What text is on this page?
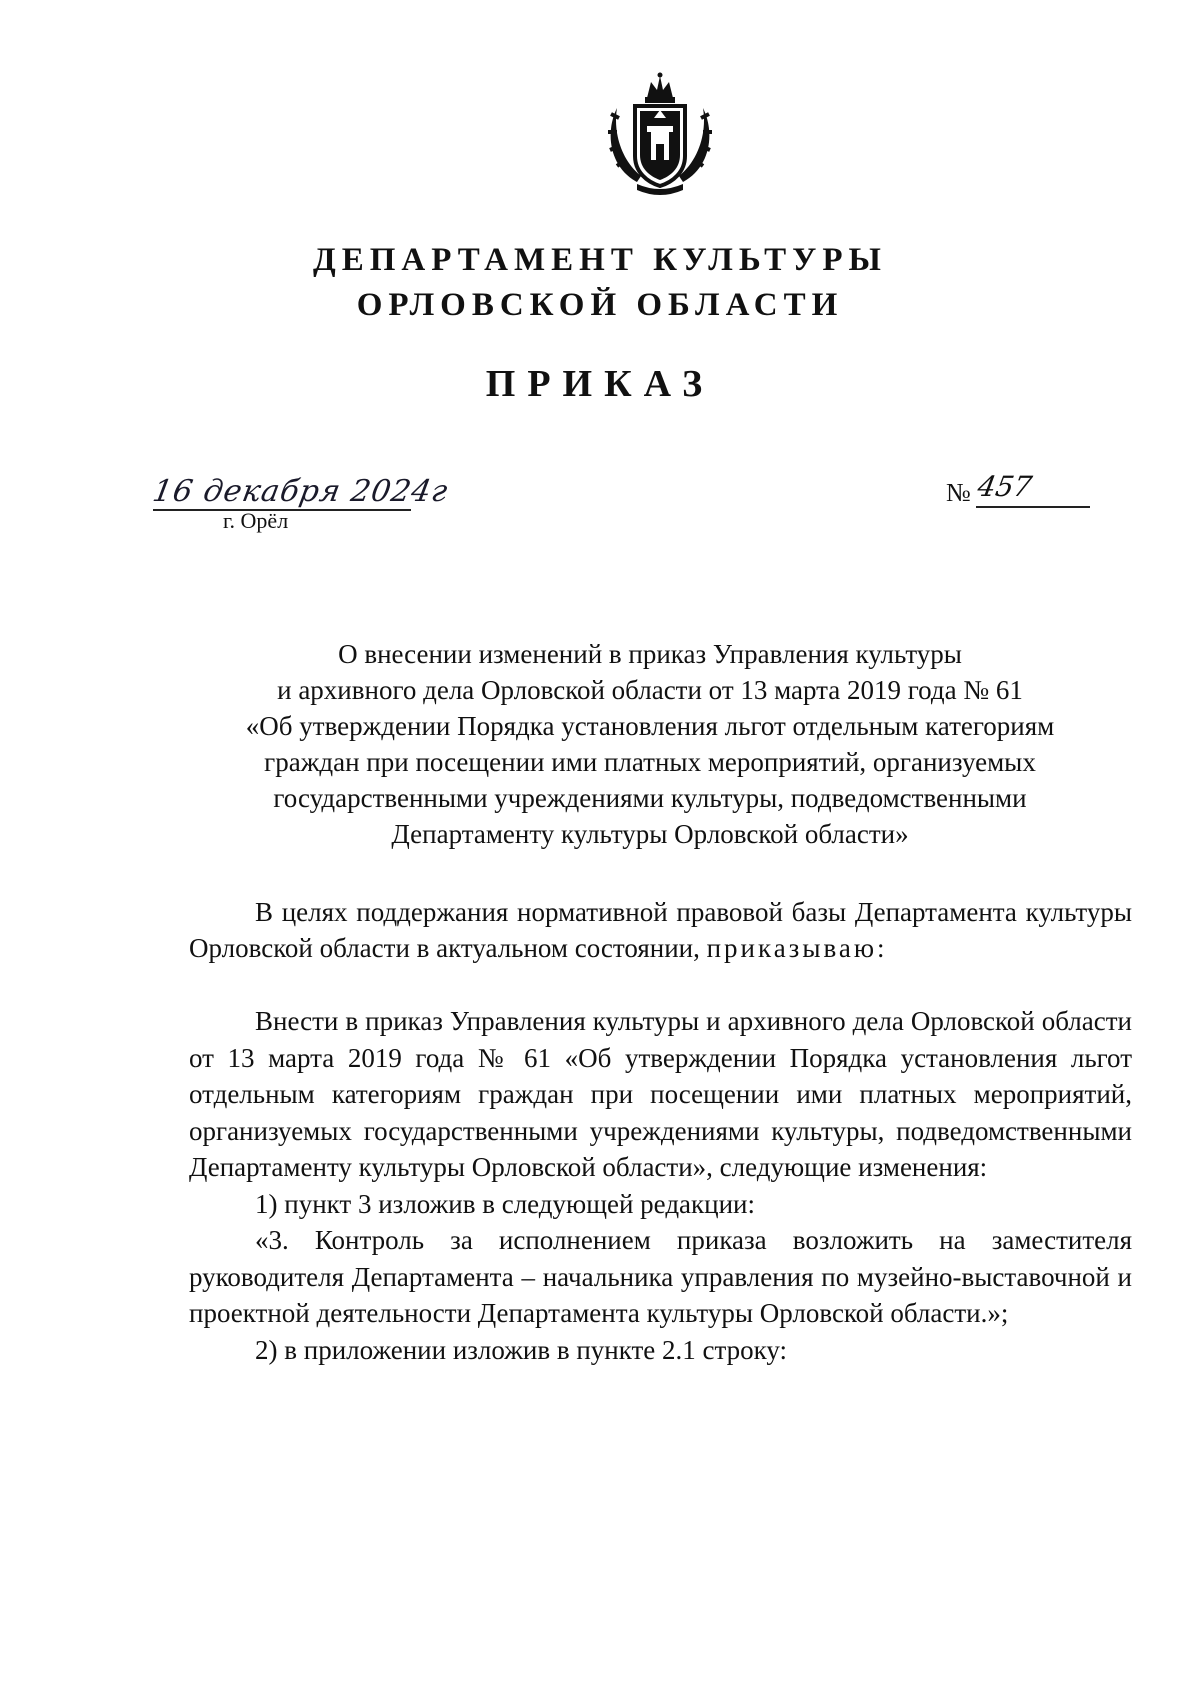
ДЕПАРТАМЕНТ КУЛЬТУРЫ
ОРЛОВСКОЙ ОБЛАСТИ
ПРИКАЗ
16 декабря 2024г
г. Орёл
№ 457
О внесении изменений в приказ Управления культуры
и архивного дела Орловской области от 13 марта 2019 года № 61
«Об утверждении Порядка установления льгот отдельным категориям
граждан при посещении ими платных мероприятий, организуемых
государственными учреждениями культуры, подведомственными
Департаменту культуры Орловской области»

В целях поддержания нормативной правовой базы Департамента культуры Орловской области в актуальном состоянии, приказываю:

Внести в приказ Управления культуры и архивного дела Орловской области от 13 марта 2019 года № 61 «Об утверждении Порядка установления льгот отдельным категориям граждан при посещении ими платных мероприятий, организуемых государственными учреждениями культуры, подведомственными Департаменту культуры Орловской области», следующие изменения:

1) пункт 3 изложив в следующей редакции:

«3. Контроль за исполнением приказа возложить на заместителя руководителя Департамента – начальника управления по музейно-выставочной и проектной деятельности Департамента культуры Орловской области.»;

2) в приложении изложив в пункте 2.1 строку:
